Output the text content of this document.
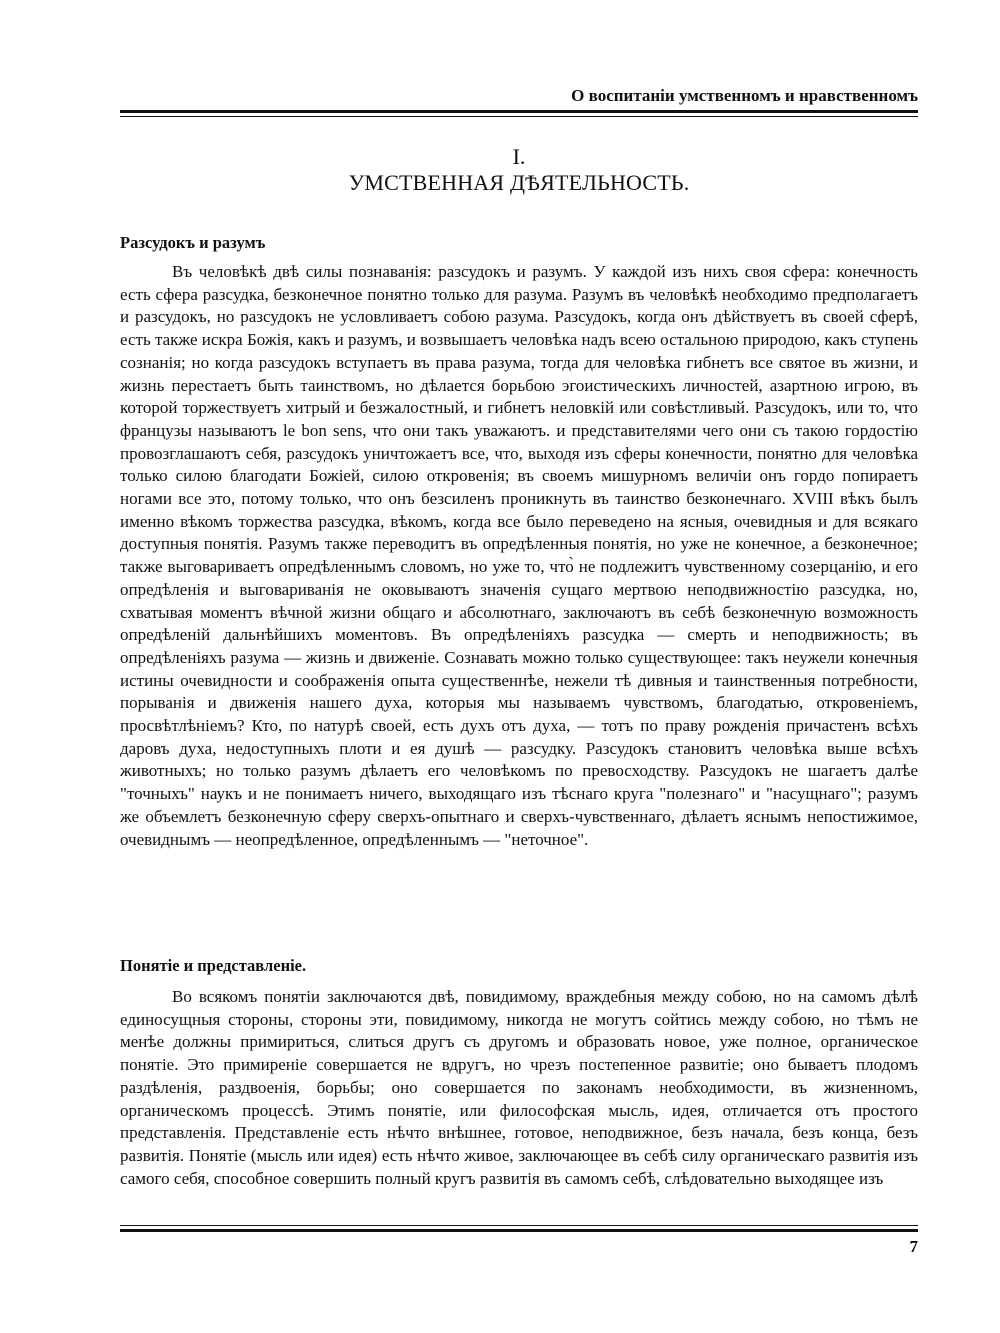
О воспитаніи умственномъ и нравственномъ
I.
УМСТВЕННАЯ ДѢЯТЕЛЬНОСТЬ.
Разсудокъ и разумъ

Въ человѣкѣ двѣ силы познаванія: разсудокъ и разумъ. У каждой изъ нихъ своя сфера: конечность есть сфера разсудка, безконечное понятно только для разума. Разумъ въ человѣкѣ необходимо предполагаетъ и разсудокъ, но разсудокъ не условливаетъ собою разума. Разсудокъ, когда онъ дѣйствуетъ въ своей сферѣ, есть также искра Божія, какъ и разумъ, и возвышаетъ человѣка надъ всею остальною природою, какъ ступень сознанія; но когда разсудокъ вступаетъ въ права разума, тогда для человѣка гибнетъ все святое въ жизни, и жизнь перестаетъ быть таинствомъ, но дѣлается борьбою эгоистическихъ личностей, азартною игрою, въ которой торжествуетъ хитрый и безжалостный, и гибнетъ неловкій или совѣстливый. Разсудокъ, или то, что французы называютъ le bon sens, что они такъ уважаютъ. и представителями чего они съ такою гордостію провозглашаютъ себя, разсудокъ уничтожаетъ все, что, выходя изъ сферы конечности, понятно для человѣка только силою благодати Божіей, силою откровенія; въ своемъ мишурномъ величіи онъ гордо попираетъ ногами все это, потому только, что онъ безсиленъ проникнуть въ таинство безконечнаго. XVIII вѣкъ былъ именно вѣкомъ торжества разсудка, вѣкомъ, когда все было переведено на ясныя, очевидныя и для всякаго доступныя понятія. Разумъ также переводитъ въ опредѣленныя понятія, но уже не конечное, а безконечное; также выговариваетъ опредѣленнымъ словомъ, но уже то, что̀ не подлежитъ чувственному созерцанію, и его опредѣленія и выговариванія не оковываютъ значенія сущаго мертвою неподвижностію разсудка, но, схватывая моментъ вѣчной жизни общаго и абсолютнаго, заключаютъ въ себѣ безконечную возможность опредѣленій дальнѣйшихъ моментовъ. Въ опредѣленіяхъ разсудка — смерть и неподвижность; въ опредѣленіяхъ разума — жизнь и движеніе. Сознавать можно только существующее: такъ неужели конечныя истины очевидности и соображенія опыта существеннѣе, нежели тѣ дивныя и таинственныя потребности, порыванія и движенія нашего духа, которыя мы называемъ чувствомъ, благодатью, откровеніемъ, просвѣтлѣніемъ? Кто, по натурѣ своей, есть духъ отъ духа, — тотъ по праву рожденія причастенъ всѣхъ даровъ духа, недоступныхъ плоти и ея душѣ — разсудку. Разсудокъ становитъ человѣка выше всѣхъ животныхъ; но только разумъ дѣлаетъ его человѣкомъ по превосходству. Разсудокъ не шагаетъ далѣе "точныхъ" наукъ и не понимаетъ ничего, выходящаго изъ тѣснаго круга "полезнаго" и "насущнаго"; разумъ же объемлетъ безконечную сферу сверхъ-опытнаго и сверхъ-чувственнаго, дѣлаетъ яснымъ непостижимое, очевиднымъ — неопредѣленное, опредѣленнымъ — "неточное".

Понятіе и представленіе.

Во всякомъ понятіи заключаются двѣ, повидимому, враждебныя между собою, но на самомъ дѣлѣ единосущныя стороны, стороны эти, повидимому, никогда не могутъ сойтись между собою, но тѣмъ не менѣе должны примириться, слиться другъ съ другомъ и образовать новое, уже полное, органическое понятіе. Это примиреніе совершается не вдругъ, но чрезъ постепенное развитіе; оно бываетъ плодомъ раздѣленія, раздвоенія, борьбы; оно совершается по законамъ необходимости, въ жизненномъ, органическомъ процессѣ. Этимъ понятіе, или философская мысль, идея, отличается отъ простого представленія. Представленіе есть нѣчто внѣшнее, готовое, неподвижное, безъ начала, безъ конца, безъ развитія. Понятіе (мысль или идея) есть нѣчто живое, заключающее въ себѣ силу органическаго развитія изъ самого себя, способное совершить полный кругъ развитія въ самомъ себѣ, слѣдовательно выходящее изъ

7
